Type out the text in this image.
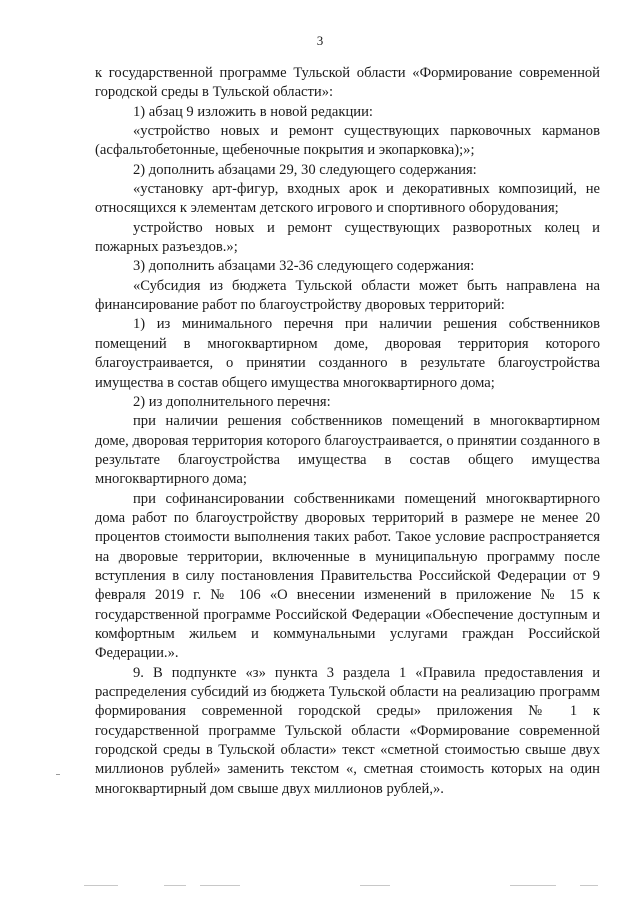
3

к государственной программе Тульской области «Формирование современной городской среды в Тульской области»:

1) абзац 9 изложить в новой редакции:

«устройство новых и ремонт существующих парковочных карманов (асфальтобетонные, щебеночные покрытия и экопарковка);»;

2) дополнить абзацами 29, 30 следующего содержания:

«установку арт-фигур, входных арок и декоративных композиций, не относящихся к элементам детского игрового и спортивного оборудования;

устройство новых и ремонт существующих разворотных колец и пожарных разъездов.»;

3) дополнить абзацами 32-36 следующего содержания:

«Субсидия из бюджета Тульской области может быть направлена на финансирование работ по благоустройству дворовых территорий:

1) из минимального перечня при наличии решения собственников помещений в многоквартирном доме, дворовая территория которого благоустраивается, о принятии созданного в результате благоустройства имущества в состав общего имущества многоквартирного дома;

2) из дополнительного перечня:

при наличии решения собственников помещений в многоквартирном доме, дворовая территория которого благоустраивается, о принятии созданного в результате благоустройства имущества в состав общего имущества многоквартирного дома;

при софинансировании собственниками помещений многоквартирного дома работ по благоустройству дворовых территорий в размере не менее 20 процентов стоимости выполнения таких работ. Такое условие распространяется на дворовые территории, включенные в муниципальную программу после вступления в силу постановления Правительства Российской Федерации от 9 февраля 2019 г. № 106 «О внесении изменений в приложение № 15 к государственной программе Российской Федерации «Обеспечение доступным и комфортным жильем и коммунальными услугами граждан Российской Федерации.».

9. В подпункте «з» пункта 3 раздела 1 «Правила предоставления и распределения субсидий из бюджета Тульской области на реализацию программ формирования современной городской среды» приложения № 1 к государственной программе Тульской области «Формирование современной городской среды в Тульской области» текст «сметной стоимостью свыше двух миллионов рублей» заменить текстом «, сметная стоимость которых на один многоквартирный дом свыше двух миллионов рублей,».
